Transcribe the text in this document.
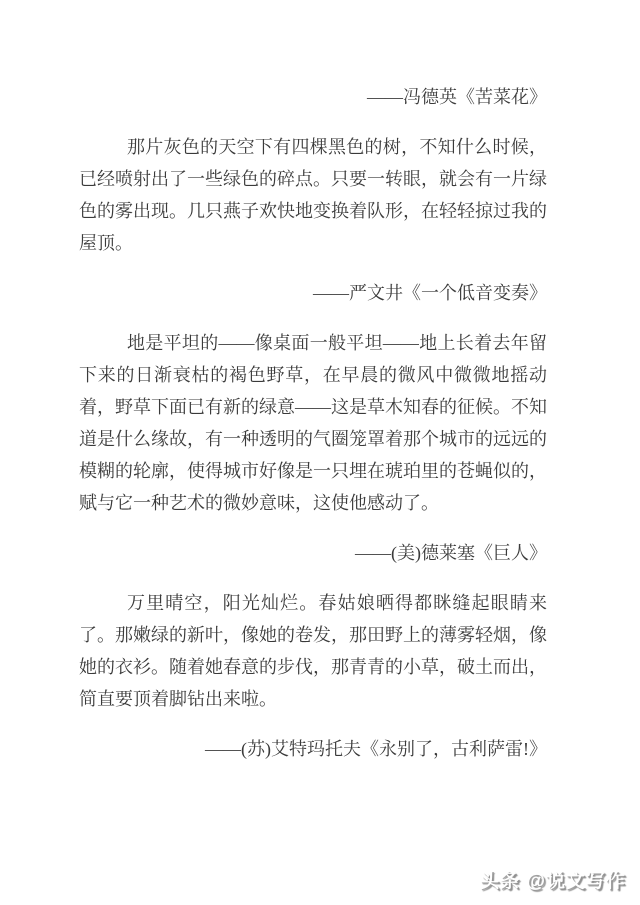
——冯德英《苦菜花》
那片灰色的天空下有四棵黑色的树，不知什么时候，已经喷射出了一些绿色的碎点。只要一转眼，就会有一片绿色的雾出现。几只燕子欢快地变换着队形，在轻轻掠过我的屋顶。
——严文井《一个低音变奏》
地是平坦的——像桌面一般平坦——地上长着去年留下来的日渐衰枯的褐色野草，在早晨的微风中微微地摇动着，野草下面已有新的绿意——这是草木知春的征候。不知道是什么缘故，有一种透明的气圈笼罩着那个城市的远远的模糊的轮廓，使得城市好像是一只埋在琥珀里的苍蝇似的，赋与它一种艺术的微妙意味，这使他感动了。
——(美)德莱塞《巨人》
万里晴空，阳光灿烂。春姑娘晒得都眯缝起眼睛来了。那嫩绿的新叶，像她的卷发，那田野上的薄雾轻烟，像她的衣衫。随着她春意的步伐，那青青的小草，破土而出，简直要顶着脚钻出来啦。
——(苏)艾特玛托夫《永别了，古利萨雷!》
头条 @说文写作
